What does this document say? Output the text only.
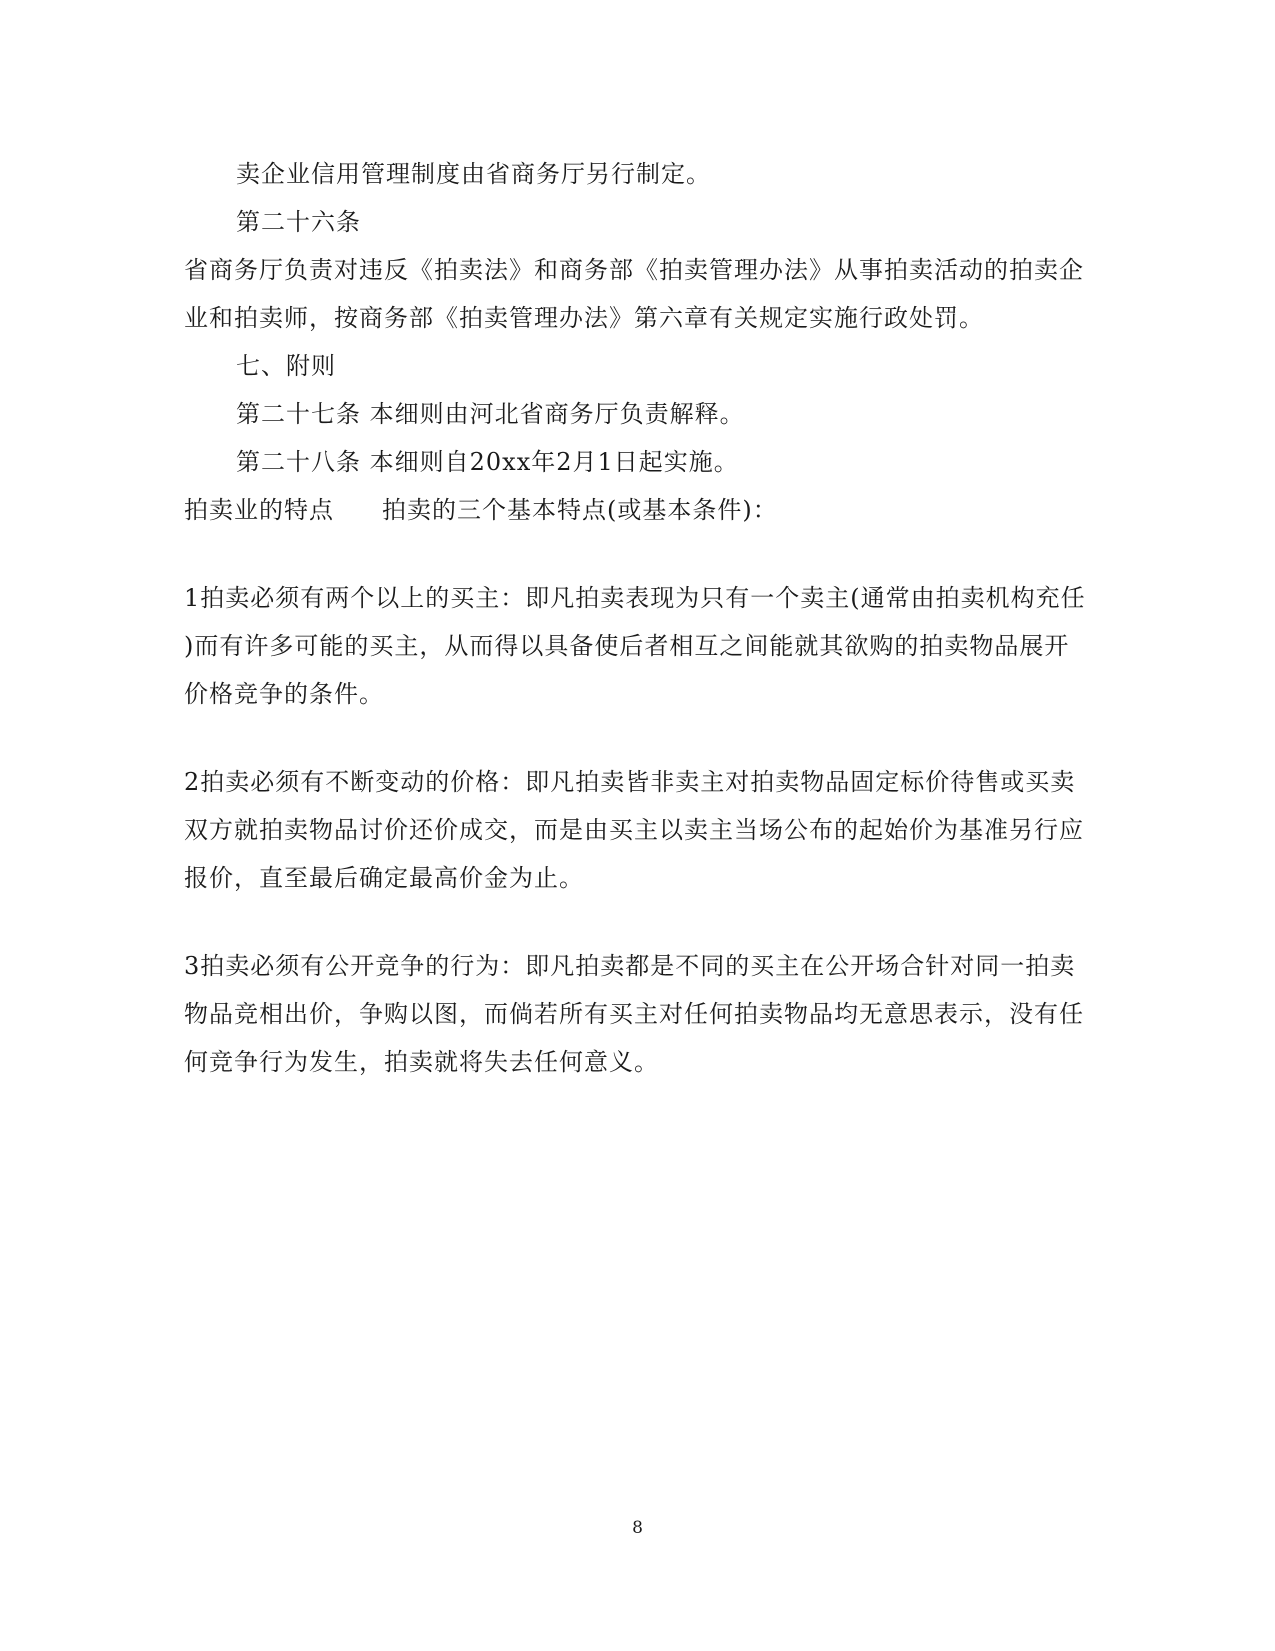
卖企业信用管理制度由省商务厅另行制定。
第二十六条
省商务厅负责对违反《拍卖法》和商务部《拍卖管理办法》从事拍卖活动的拍卖企
业和拍卖师，按商务部《拍卖管理办法》第六章有关规定实施行政处罚。
七、附则
第二十七条 本细则由河北省商务厅负责解释。
第二十八条 本细则自20xx年2月1日起实施。
拍卖业的特点 拍卖的三个基本特点(或基本条件)：
1拍卖必须有两个以上的买主：即凡拍卖表现为只有一个卖主(通常由拍卖机构充任
)而有许多可能的买主，从而得以具备使后者相互之间能就其欲购的拍卖物品展开
价格竞争的条件。
2拍卖必须有不断变动的价格：即凡拍卖皆非卖主对拍卖物品固定标价待售或买卖
双方就拍卖物品讨价还价成交，而是由买主以卖主当场公布的起始价为基准另行应
报价，直至最后确定最高价金为止。
3拍卖必须有公开竞争的行为：即凡拍卖都是不同的买主在公开场合针对同一拍卖
物品竞相出价，争购以图，而倘若所有买主对任何拍卖物品均无意思表示，没有任
何竞争行为发生，拍卖就将失去任何意义。
8
